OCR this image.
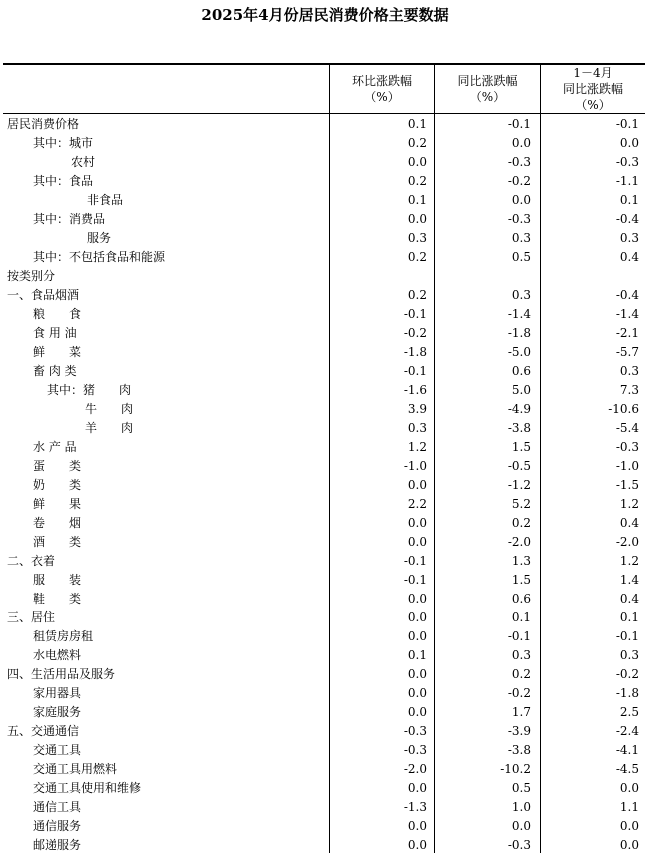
2025年4月份居民消费价格主要数据
环比涨跌幅
（%）
同比涨跌幅
（%）
1－4月
同比涨跌幅
（%）
居民消费价格	0.1	-0.1	-0.1
其中：城市	0.2	0.0	0.0
农村	0.0	-0.3	-0.3
其中：食品	0.2	-0.2	-1.1
非食品	0.1	0.0	0.1
其中：消费品	0.0	-0.3	-0.4
服务	0.3	0.3	0.3
其中：不包括食品和能源	0.2	0.5	0.4
按类别分
一、食品烟酒	0.2	0.3	-0.4
粮　　食	-0.1	-1.4	-1.4
食 用 油	-0.2	-1.8	-2.1
鲜　　菜	-1.8	-5.0	-5.7
畜 肉 类	-0.1	0.6	0.3
其中：猪　　肉	-1.6	5.0	7.3
牛　　肉	3.9	-4.9	-10.6
羊　　肉	0.3	-3.8	-5.4
水 产 品	1.2	1.5	-0.3
蛋　　类	-1.0	-0.5	-1.0
奶　　类	0.0	-1.2	-1.5
鲜　　果	2.2	5.2	1.2
卷　　烟	0.0	0.2	0.4
酒　　类	0.0	-2.0	-2.0
二、衣着	-0.1	1.3	1.2
服　　装	-0.1	1.5	1.4
鞋　　类	0.0	0.6	0.4
三、居住	0.0	0.1	0.1
租赁房房租	0.0	-0.1	-0.1
水电燃料	0.1	0.3	0.3
四、生活用品及服务	0.0	0.2	-0.2
家用器具	0.0	-0.2	-1.8
家庭服务	0.0	1.7	2.5
五、交通通信	-0.3	-3.9	-2.4
交通工具	-0.3	-3.8	-4.1
交通工具用燃料	-2.0	-10.2	-4.5
交通工具使用和维修	0.0	0.5	0.0
通信工具	-1.3	1.0	1.1
通信服务	0.0	0.0	0.0
邮递服务	0.0	-0.3	0.0
